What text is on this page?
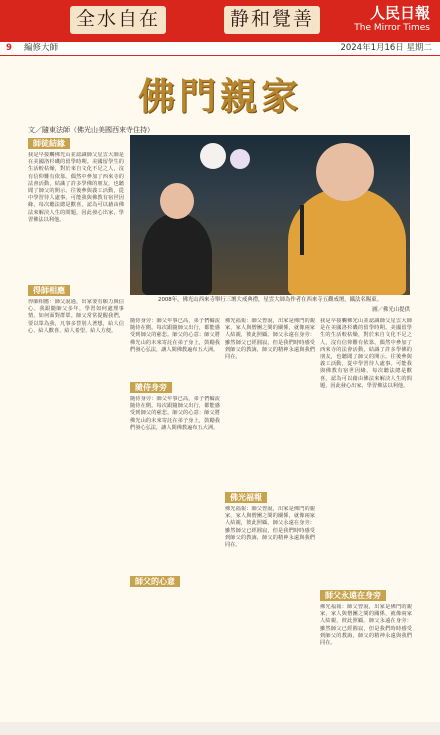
全水自在	静和覺善	人民日報
The Mirror Times
9 編修大師	2024年1月16日 星期二
佛門親家
文／隨東法師（佛光山美國西來寺住持）
師徒結緣
我是早接觸佛光山並認識師父星雲大師是在美國洛杉磯的留學時期。美國留學生的生活較枯燥，對於來自文化不足之人，沒有信仰難有依靠。偶然中參加了西來寺的法會活動，結識了許多學佛的朋友，也聽聞了師父的開示。往後參與義工活動，從中學習待人處事。可能我與佛教有宿世因緣，每次聽法總是歡喜，認為可以藉由佛法來解決人生的問題，因此發心出家，學習佛法以利他。
得師相應
得師相應：師父說過，出家要有願力與信心。我跟隨師父多年，學習如何處理事情、如何面對群眾。師父常常提醒我們，要以眾為我，凡事多替別人著想，給人信心、給人歡喜、給人希望、給人方便。
2008年，佛光山西來寺舉行三壇大戒典禮，星雲大師為作者在西來寺五觀戒壇，攝法名賜東。
圖／佛光山提供
隨侍身旁
隨侍身旁：師父年事已高，弟子們輪流隨侍在側。每次跟隨師父出行，都能感受到師父的慈悲。師父的心意：師父將佛光山的未來寄託在弟子身上，鼓勵我們發心弘法，讓人間佛教遍布五大洲。
師父的心意
隨侍身旁：師父年事已高，弟子們輪流隨侍在側。每次跟隨師父出行，都能感受到師父的慈悲。師父的心意：師父將佛光山的未來寄託在弟子身上，鼓勵我們發心弘法，讓人間佛教遍布五大洲。
佛光福報
佛光福報：師父曾說，出家是佛門的親家，家人與僧團之間的關係，就像兩家人結親，彼此照顧。師父永遠在身旁：雖然師父已經圓寂，但是我們時時感受到師父的教誨，師父的精神永遠與我們同在。
佛光福報：師父曾說，出家是佛門的親家，家人與僧團之間的關係，就像兩家人結親，彼此照顧。師父永遠在身旁：雖然師父已經圓寂，但是我們時時感受到師父的教誨，師父的精神永遠與我們同在。
師父永遠在身旁
我是早接觸佛光山並認識師父星雲大師是在美國洛杉磯的留學時期。美國留學生的生活較枯燥，對於來自文化不足之人，沒有信仰難有依靠。偶然中參加了西來寺的法會活動，結識了許多學佛的朋友，也聽聞了師父的開示。往後參與義工活動，從中學習待人處事。可能我與佛教有宿世因緣，每次聽法總是歡喜，認為可以藉由佛法來解決人生的問題，因此發心出家，學習佛法以利他。
佛光福報：師父曾說，出家是佛門的親家，家人與僧團之間的關係，就像兩家人結親，彼此照顧。師父永遠在身旁：雖然師父已經圓寂，但是我們時時感受到師父的教誨，師父的精神永遠與我們同在。
